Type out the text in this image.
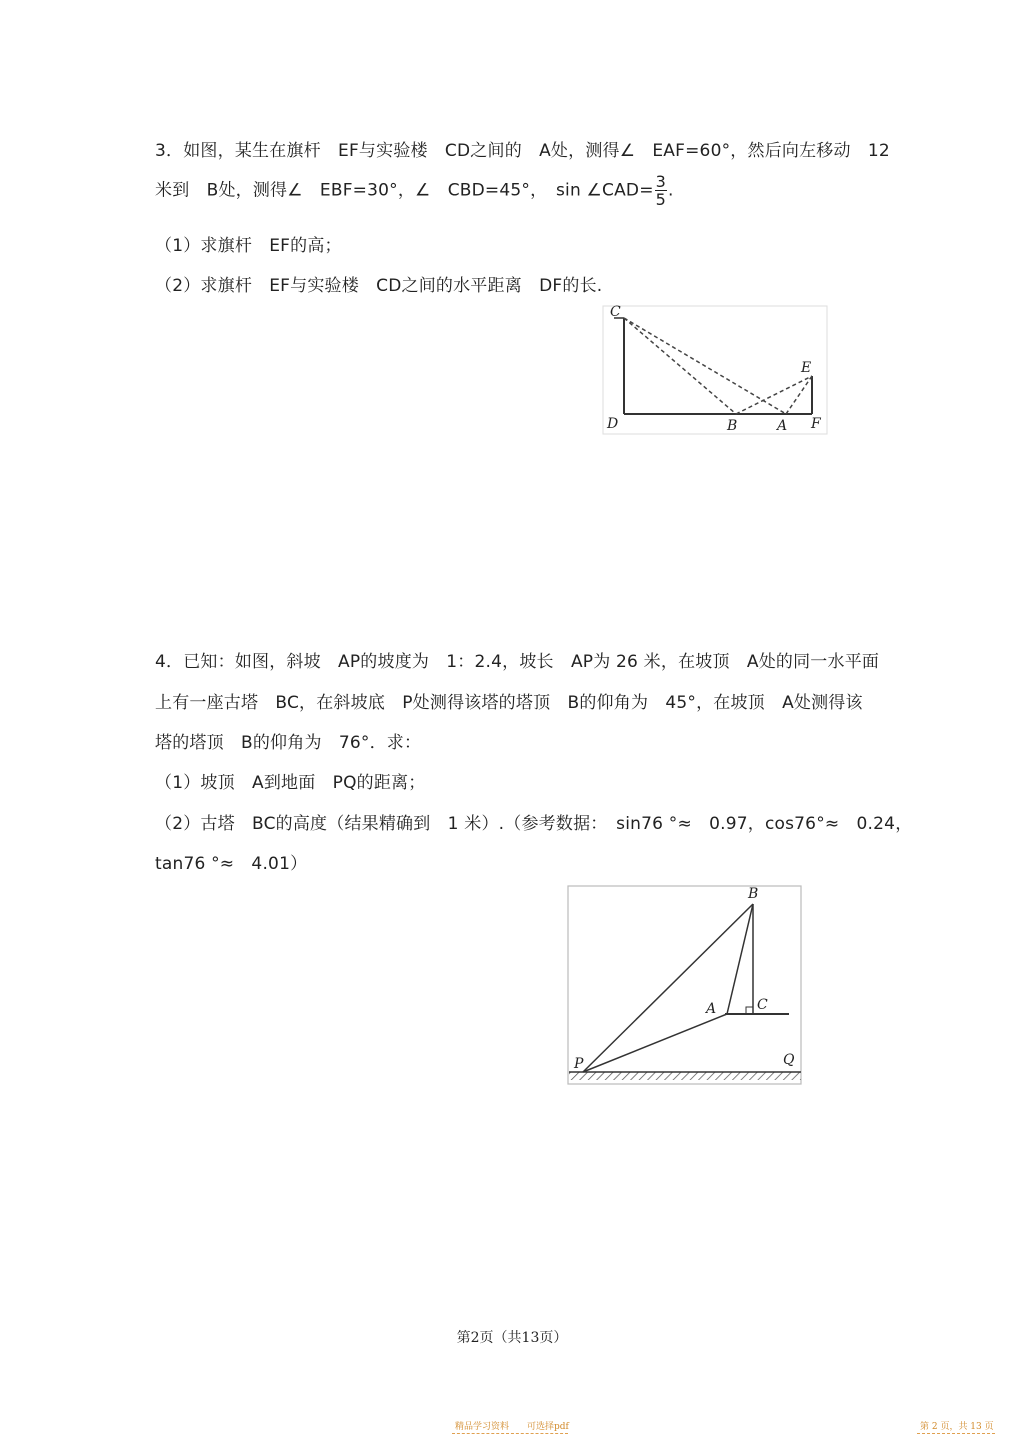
3．如图，某生在旗杆　EF与实验楼　CD之间的　A处，测得∠　EAF=60°，然后向左移动　12
米到　B处，测得∠　EBF=30°，∠　CBD=45°，　sin ∠CAD= $\frac{3}{5}$ .
（1）求旗杆　EF的高；
（2）求旗杆　EF与实验楼　CD之间的水平距离　DF的长.
C
D	B	A F
E
4．已知：如图，斜坡　AP的坡度为　1：2.4，坡长　AP为 26 米，在坡顶　A处的同一水平面
上有一座古塔　BC，在斜坡底　P处测得该塔的塔顶　B的仰角为　45°，在坡顶　A处测得该
塔的塔顶　B的仰角为　76°．求：
（1）坡顶　A到地面　PQ的距离；
（2）古塔　BC的高度（结果精确到　1 米）.（参考数据：　sin76 °≈　0.97，cos76°≈　0.24，
tan76 °≈　4.01）
B
A	C
P	Q
第2页（共13页）
精品学习资料　　可选择pdf	第 2 页，共 13 页
